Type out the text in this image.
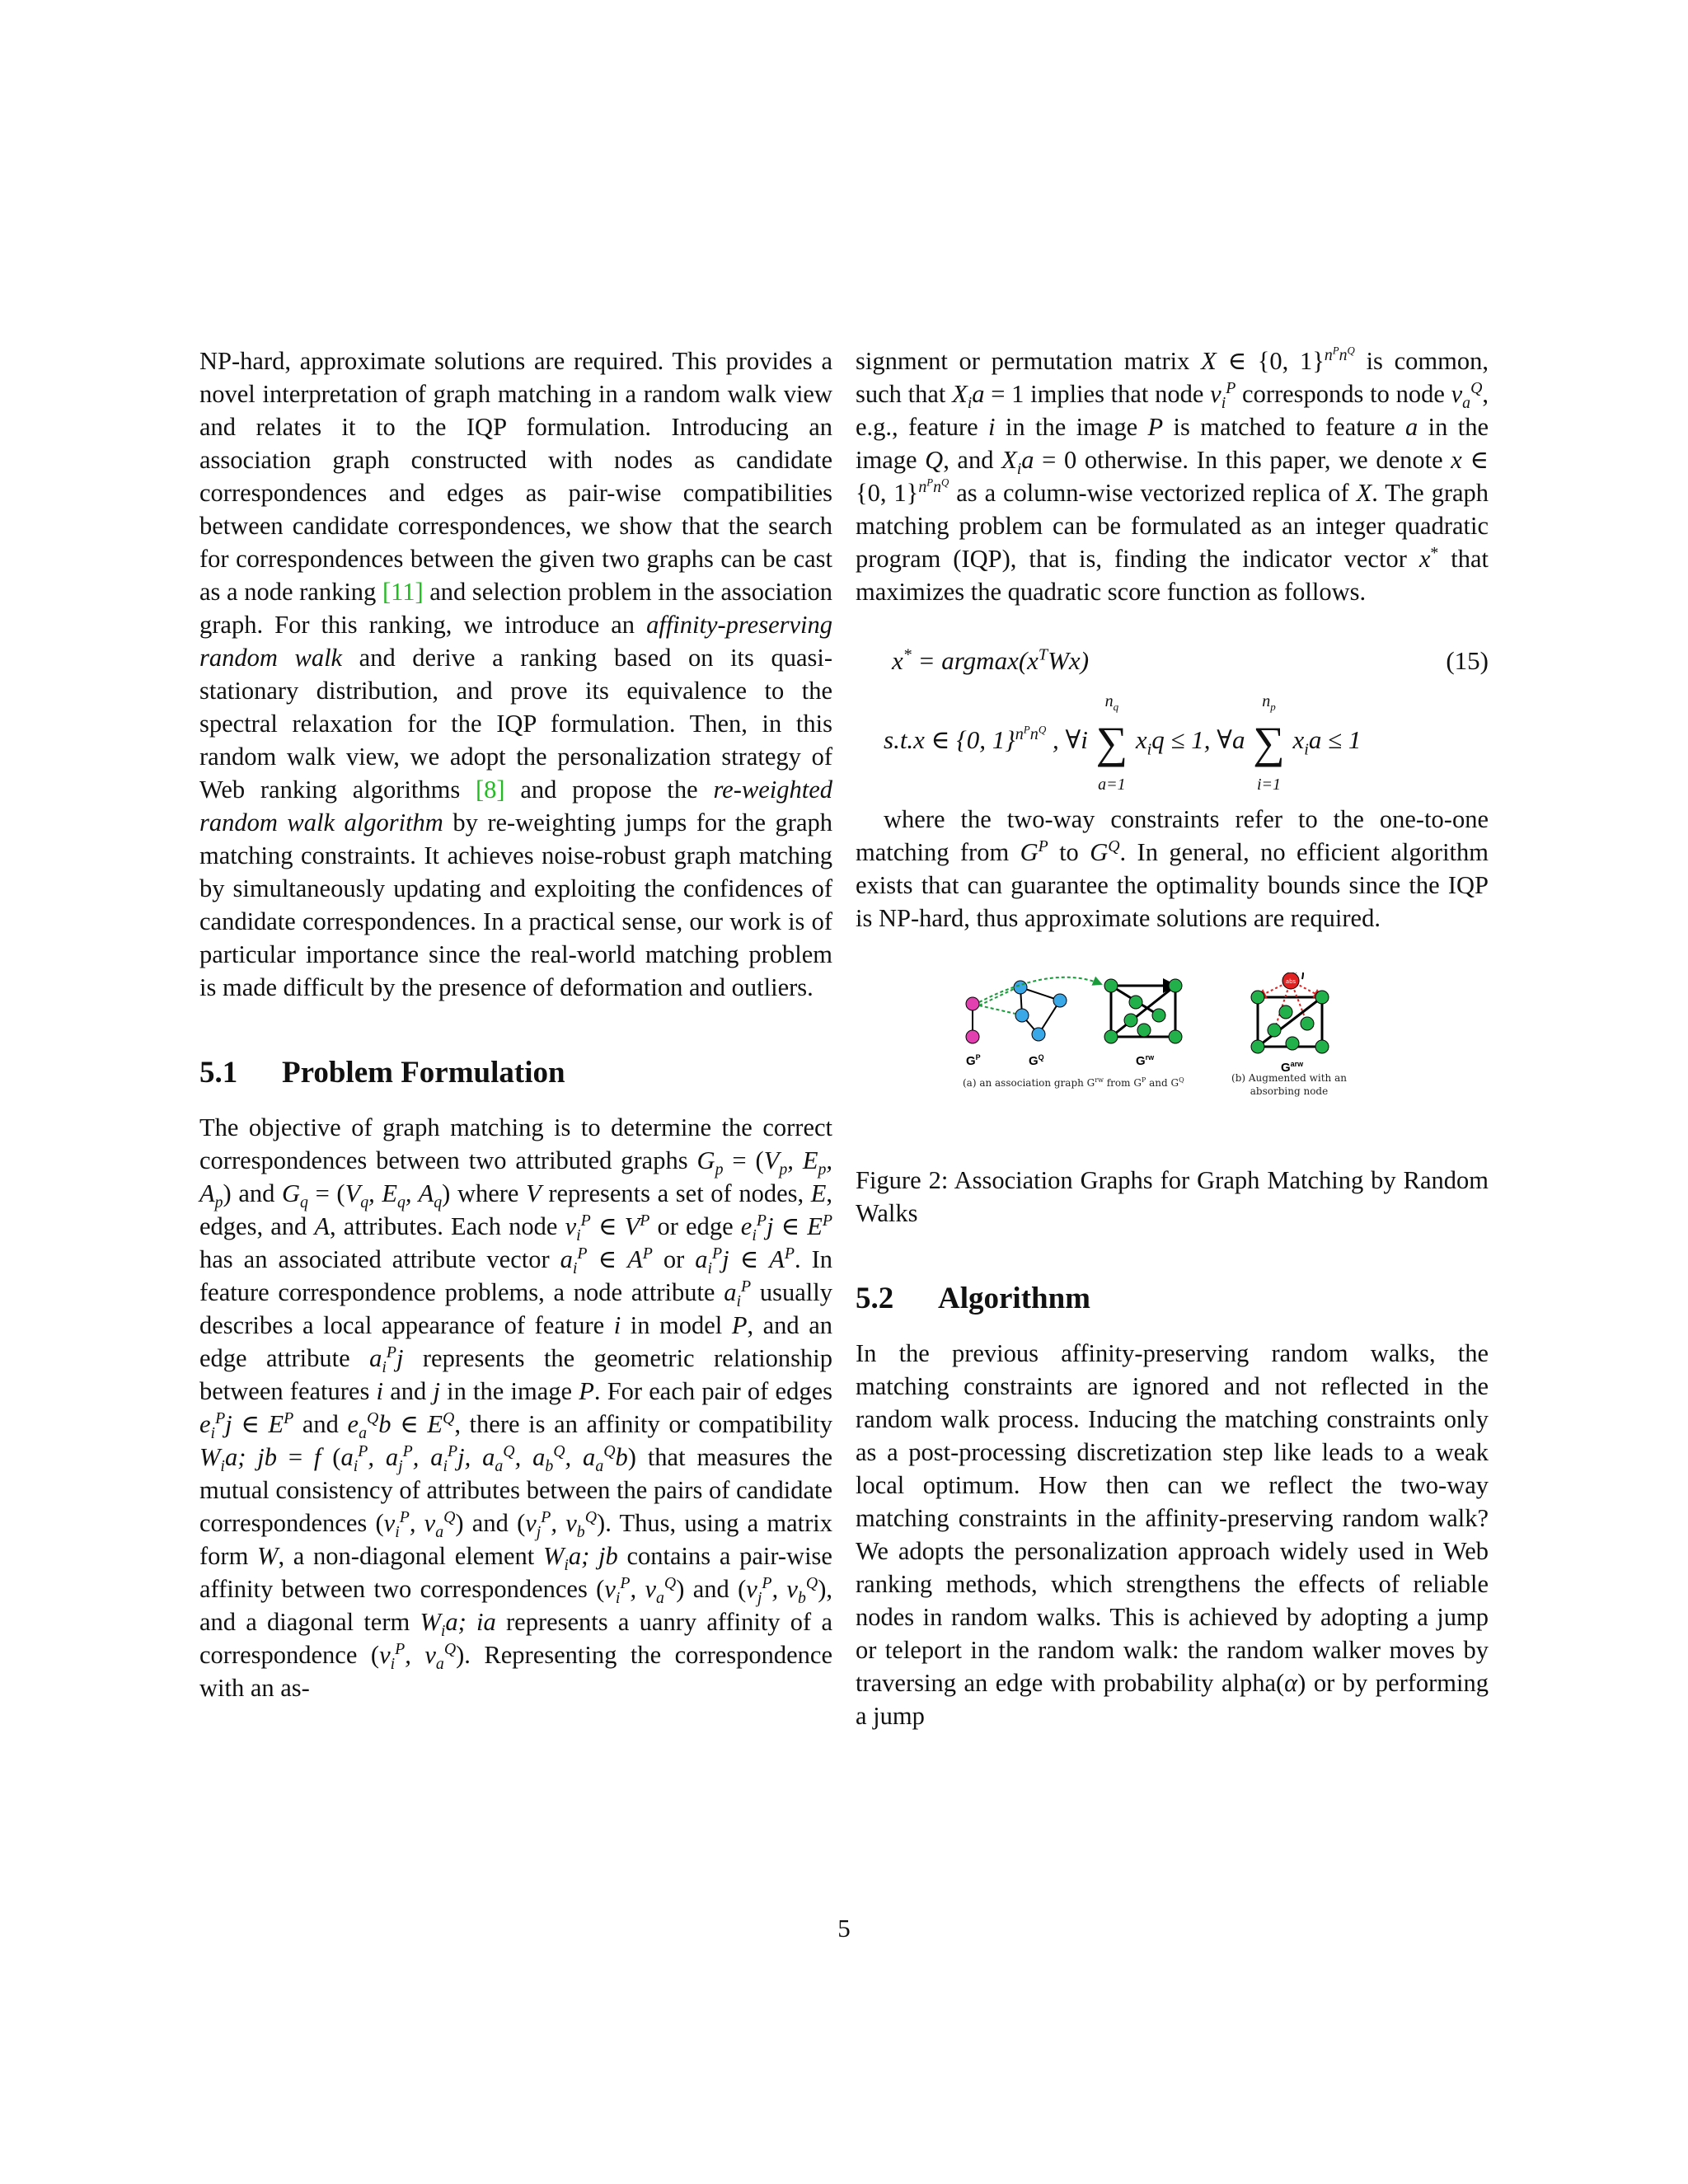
NP-hard, approximate solutions are required. This provides a novel interpretation of graph matching in a random walk view and relates it to the IQP formulation. Introducing an association graph constructed with nodes as candidate correspondences and edges as pair-wise compatibilities between candidate correspondences, we show that the search for correspondences between the given two graphs can be cast as a node ranking [11] and selection problem in the association graph. For this ranking, we introduce an affinity-preserving random walk and derive a ranking based on its quasi-stationary distribution, and prove its equivalence to the spectral relaxation for the IQP formulation. Then, in this random walk view, we adopt the personalization strategy of Web ranking algorithms [8] and propose the re-weighted random walk algorithm by re-weighting jumps for the graph matching constraints. It achieves noise-robust graph matching by simultaneously updating and exploiting the confidences of candidate correspondences. In a practical sense, our work is of particular importance since the real-world matching problem is made difficult by the presence of deformation and outliers.

5.1 Problem Formulation

The objective of graph matching is to determine the correct correspondences between two attributed graphs $G_p = (V_p$, $E_p$, $A_p$) and $G_q = (V_q$, $E_q$, $A_q$) where V represents a set of nodes, E, edges, and A, attributes. Each node $v_i^P$ ∈ $V^P$ or edge $e_i^Pj$ ∈ $E^P$ has an associated attribute vector $a_i^P$ ∈ $A^P$ or $a_i^Pj$ ∈ $A^P$. In feature correspondence problems, a node attribute $a_i^P$ usually describes a local appearance of feature i in model P, and an edge attribute $a_i^Pj$ represents the geometric relationship between features i and j in the image P. For each pair of edges $e_i^Pj$ ∈ $E^P$ and $e_a^Qb$ ∈ $E^Q$, there is an affinity or compatibility $W_ia$; jb = f ($a_i^P$, $a_j^P$, $a_i^Pj$, $a_a^Q$, $a_b^Q$, $a_a^Qb$) that measures the mutual consistency of attributes between the pairs of candidate correspondences ($v_i^P$, $v_a^Q$) and ($v_j^P$, $v_b^Q$). Thus, using a matrix form W, a non-diagonal element $W_ia$; jb contains a pair-wise affinity between two correspondences ($v_i^P$, $v_a^Q$) and ($v_j^P$, $v_b^Q$), and a diagonal term $W_ia$; ia represents a uanry affinity of a correspondence ($v_i^P$, $v_a^Q$). Representing the correspondence with an as-

signment or permutation matrix X ∈ {0, 1}$^{n^Pn^Q}$ is common, such that $X_ia = 1$ implies that node $v_i^P$ corresponds to node $v_a^Q$, e.g., feature i in the image P is matched to feature a in the image Q, and $X_ia = 0$ otherwise. In this paper, we denote x ∈ {0, 1}$^{n^Pn^Q}$ as a column-wise vectorized replica of X. The graph matching problem can be formulated as an integer quadratic program (IQP), that is, finding the indicator vector x* that maximizes the quadratic score function as follows.

$x^* = argmax(x^TWx)$	(15)
s.t.x ∈ {0, 1}$^{n^Pn^Q}$ , ∀i
$n_q$
∑
a=1
$x_iq \le 1$, ∀a
$n_p$
∑
i=1
$x_ia \le 1$

where the two-way constraints refer to the one-to-one matching from $G^P$ to $G^Q$. In general, no efficient algorithm exists that can guarantee the optimality bounds since the IQP is NP-hard, thus approximate solutions are required.

abs
$G^P$	$G^Q$	$G^{rw}$
$G^{arw}$
(a) an association graph $G^{rw}$ from $G^P$ and $G^Q$	(b) Augmented with an
absorbing node

Figure 2: Association Graphs for Graph Matching by Random Walks

5.2 Algorithnm

In the previous affinity-preserving random walks, the matching constraints are ignored and not reflected in the random walk process. Inducing the matching constraints only as a post-processing discretization step like leads to a weak local optimum. How then can we reflect the two-way matching constraints in the affinity-preserving random walk? We adopts the personalization approach widely used in Web ranking methods, which strengthens the effects of reliable nodes in random walks. This is achieved by adopting a jump or teleport in the random walk: the random walker moves by traversing an edge with probability alpha(α) or by performing a jump

5
